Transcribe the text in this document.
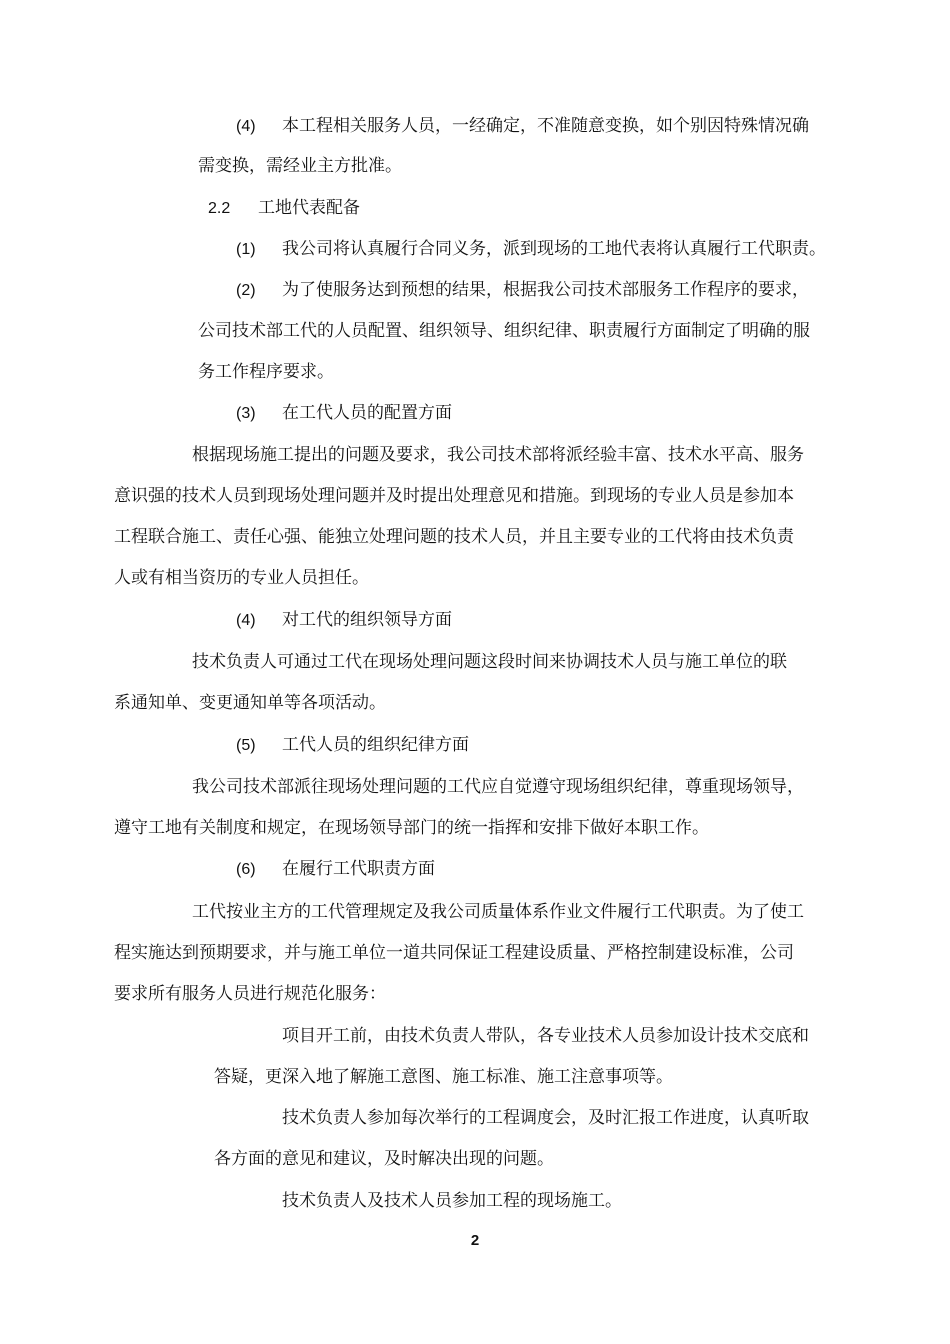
(4) 本工程相关服务人员，一经确定，不准随意变换，如个别因特殊情况确

需变换，需经业主方批准。

2.2 工地代表配备

(1) 我公司将认真履行合同义务，派到现场的工地代表将认真履行工代职责。

(2) 为了使服务达到预想的结果，根据我公司技术部服务工作程序的要求，

公司技术部工代的人员配置、组织领导、组织纪律、职责履行方面制定了明确的服

务工作程序要求。

(3) 在工代人员的配置方面

根据现场施工提出的问题及要求，我公司技术部将派经验丰富、技术水平高、服务

意识强的技术人员到现场处理问题并及时提出处理意见和措施。到现场的专业人员是参加本

工程联合施工、责任心强、能独立处理问题的技术人员，并且主要专业的工代将由技术负责

人或有相当资历的专业人员担任。

(4) 对工代的组织领导方面

技术负责人可通过工代在现场处理问题这段时间来协调技术人员与施工单位的联

系通知单、变更通知单等各项活动。

(5) 工代人员的组织纪律方面

我公司技术部派往现场处理问题的工代应自觉遵守现场组织纪律，尊重现场领导，

遵守工地有关制度和规定，在现场领导部门的统一指挥和安排下做好本职工作。

(6) 在履行工代职责方面

工代按业主方的工代管理规定及我公司质量体系作业文件履行工代职责。为了使工

程实施达到预期要求，并与施工单位一道共同保证工程建设质量、严格控制建设标准，公司

要求所有服务人员进行规范化服务：

项目开工前，由技术负责人带队，各专业技术人员参加设计技术交底和

答疑，更深入地了解施工意图、施工标准、施工注意事项等。

技术负责人参加每次举行的工程调度会，及时汇报工作进度，认真听取

各方面的意见和建议，及时解决出现的问题。

技术负责人及技术人员参加工程的现场施工。

2
